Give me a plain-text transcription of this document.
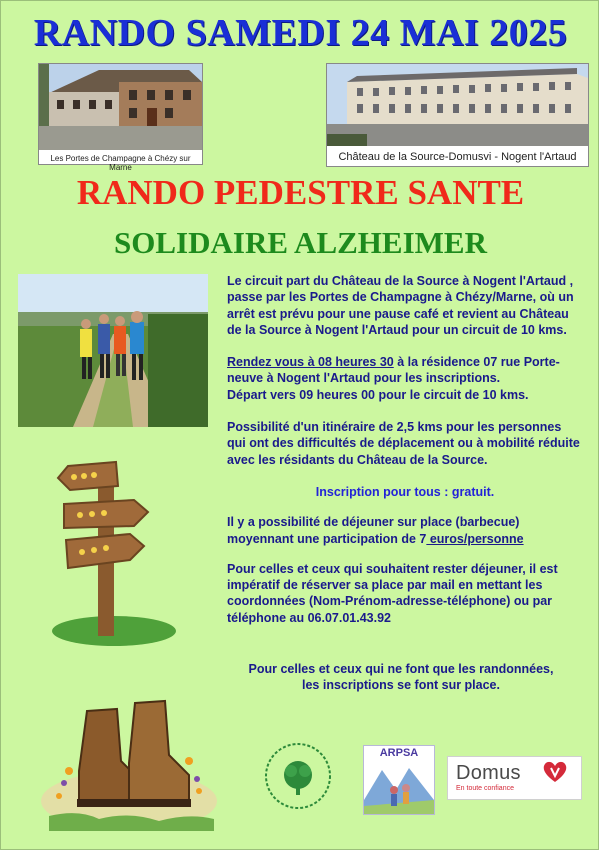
RANDO SAMEDI 24 MAI 2025
Les Portes de Champagne à Chézy sur Marne
Château de la Source-Domusvi - Nogent l'Artaud
RANDO PEDESTRE SANTE
SOLIDAIRE ALZHEIMER

Le circuit part du Château de la Source à Nogent l'Artaud , passe par les Portes de Champagne à Chézy/Marne, où un arrêt est prévu pour une pause café et revient au Château de la Source à Nogent l'Artaud pour un circuit de 10 kms.

Rendez vous à 08 heures 30 à la résidence 07 rue Porte-neuve à Nogent l'Artaud pour les inscriptions.

Départ vers 09 heures 00 pour le circuit de 10 kms.

Possibilité d'un itinéraire de 2,5 kms pour les personnes qui ont des difficultés de déplacement ou à mobilité réduite avec les résidants du Château de la Source.

Inscription pour tous : gratuit.

Il y a possibilité de déjeuner sur place (barbecue) moyennant une participation de 7 euros/personne

Pour celles et ceux qui souhaitent rester déjeuner, il est impératif de réserver sa place par mail en mettant les coordonnées (Nom-Prénom-adresse-téléphone) ou par téléphone au 06.07.01.43.92

Pour celles et ceux qui ne font que les randonnées,
les inscriptions se font sur place.
ARPSA
Domus
En toute confiance
